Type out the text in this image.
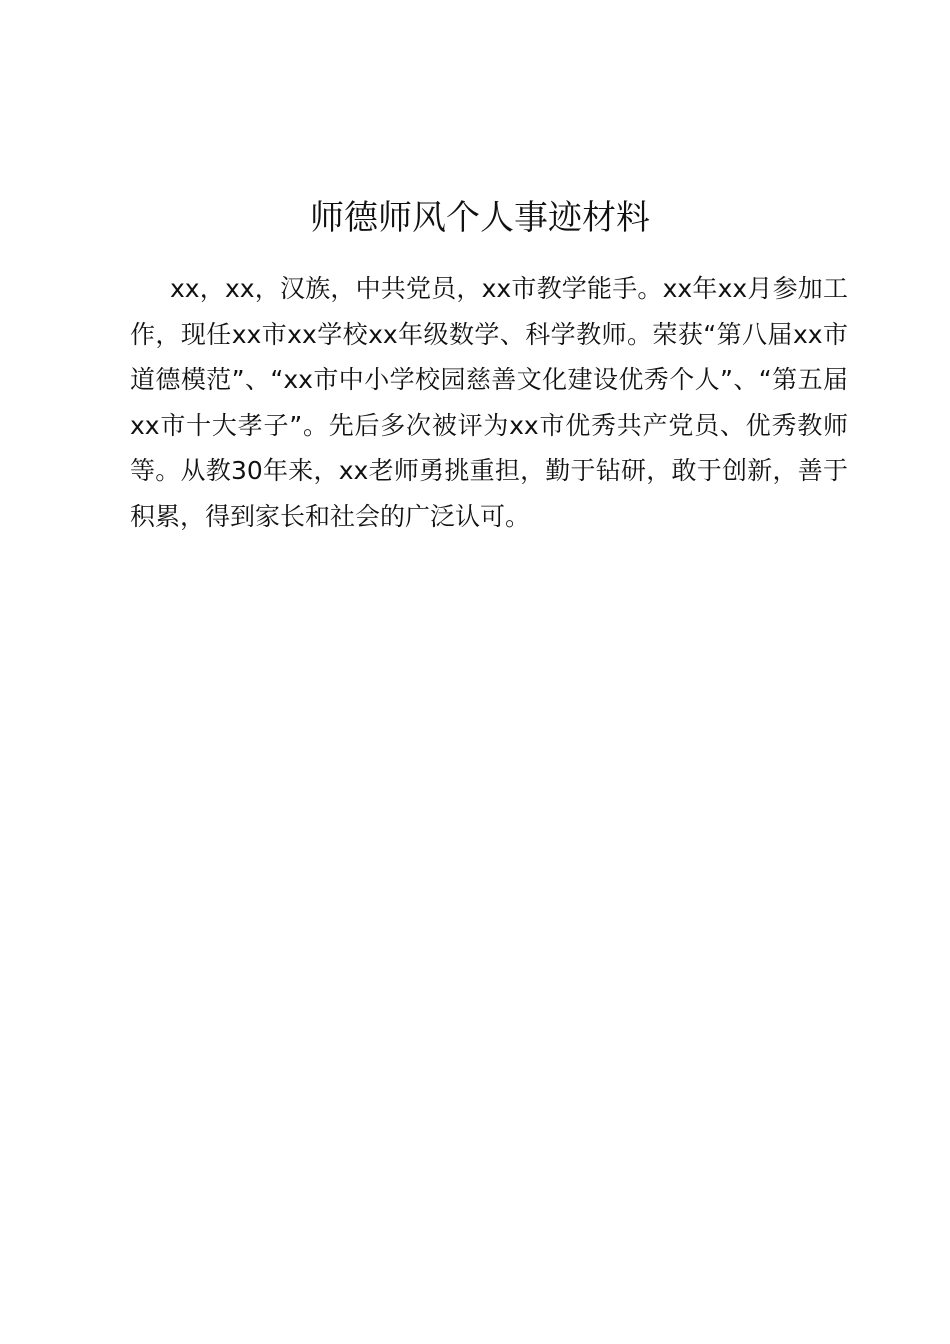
师德师风个人事迹材料
xx，xx，汉族，中共党员，xx市教学能手。xx年xx月参加工
作，现任xx市xx学校xx年级数学、科学教师。荣获“第八届xx市
道德模范”、“xx市中小学校园慈善文化建设优秀个人”、“第五届
xx市十大孝子”。先后多次被评为xx市优秀共产党员、优秀教师
等。从教30年来，xx老师勇挑重担，勤于钻研，敢于创新，善于
积累，得到家长和社会的广泛认可。
